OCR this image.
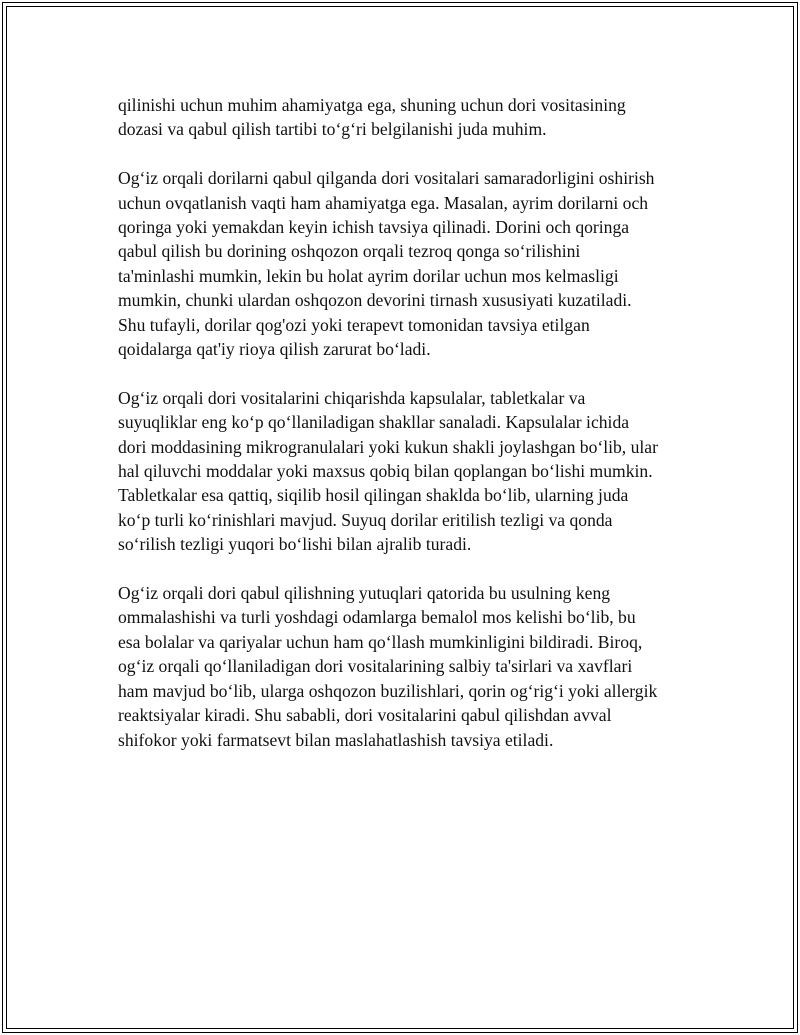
qilinishi uchun muhim ahamiyatga ega, shuning uchun dori vositasining
dozasi va qabul qilish tartibi to‘g‘ri belgilanishi juda muhim.

Og‘iz orqali dorilarni qabul qilganda dori vositalari samaradorligini oshirish
uchun ovqatlanish vaqti ham ahamiyatga ega. Masalan, ayrim dorilarni och
qoringa yoki yemakdan keyin ichish tavsiya qilinadi. Dorini och qoringa
qabul qilish bu dorining oshqozon orqali tezroq qonga so‘rilishini
ta'minlashi mumkin, lekin bu holat ayrim dorilar uchun mos kelmasligi
mumkin, chunki ulardan oshqozon devorini tirnash xususiyati kuzatiladi.
Shu tufayli, dorilar qog'ozi yoki terapevt tomonidan tavsiya etilgan
qoidalarga qat'iy rioya qilish zarurat bo‘ladi.

Og‘iz orqali dori vositalarini chiqarishda kapsulalar, tabletkalar va
suyuqliklar eng ko‘p qo‘llaniladigan shakllar sanaladi. Kapsulalar ichida
dori moddasining mikrogranulalari yoki kukun shakli joylashgan bo‘lib, ular
hal qiluvchi moddalar yoki maxsus qobiq bilan qoplangan bo‘lishi mumkin.
Tabletkalar esa qattiq, siqilib hosil qilingan shaklda bo‘lib, ularning juda
ko‘p turli ko‘rinishlari mavjud. Suyuq dorilar eritilish tezligi va qonda
so‘rilish tezligi yuqori bo‘lishi bilan ajralib turadi.

Og‘iz orqali dori qabul qilishning yutuqlari qatorida bu usulning keng
ommalashishi va turli yoshdagi odamlarga bemalol mos kelishi bo‘lib, bu
esa bolalar va qariyalar uchun ham qo‘llash mumkinligini bildiradi. Biroq,
og‘iz orqali qo‘llaniladigan dori vositalarining salbiy ta'sirlari va xavflari
ham mavjud bo‘lib, ularga oshqozon buzilishlari, qorin og‘rig‘i yoki allergik
reaktsiyalar kiradi. Shu sababli, dori vositalarini qabul qilishdan avval
shifokor yoki farmatsevt bilan maslahatlashish tavsiya etiladi.
